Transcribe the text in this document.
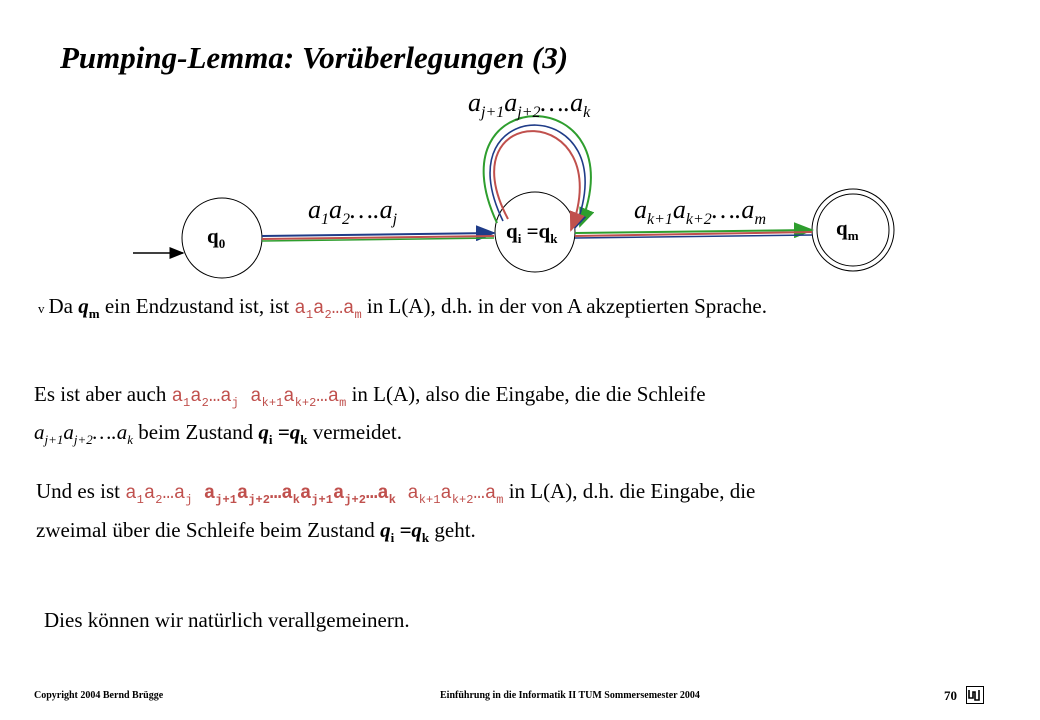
Pumping-Lemma: Vorüberlegungen (3)
$q_0$
$q_i =q_k$	$q_m$
$a_{j+1}a_{j+2}\dots.a_k$
$a_1a_2\dots.a_j$	$a_{k+1}a_{k+2}\dots.a_m$
v Da $q_m$ ein Endzustand ist, ist $a_1a_2\dots a_m$ in L(A), d.h. in der von A akzeptierten Sprache.
Es ist aber auch $a_1a_2\dots a_j$ $a_{k+1}a_{k+2}\dots a_m$ in L(A), also die Eingabe, die die Schleife
$a_{j+1}a_{j+2}\dots.a_k$ beim Zustand $q_i =q_k$ vermeidet.
Und es ist $a_1a_2\dots a_j$ $a_{j+1}a_{j+2}\dots a_ka_{j+1}a_{j+2}\dots a_k$ $a_{k+1}a_{k+2}\dots a_m$ in L(A), d.h. die Eingabe, die
zweimal über die Schleife beim Zustand $q_i =q_k$ geht.
Dies können wir natürlich verallgemeinern.
Copyright 2004 Bernd Brügge	Einführung in die Informatik II TUM Sommersemester 2004	70
